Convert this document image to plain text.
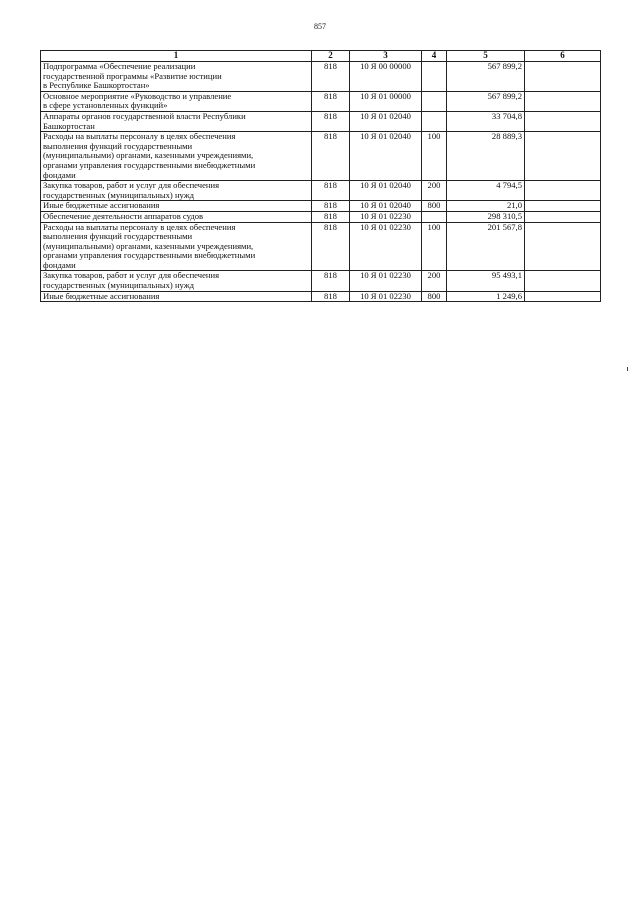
857
1	2	3	4	5	6

Подпрограмма «Обеспечение реализации
государственной программы «Развитие юстиции
в Республике Башкортостан»	818	10 Я 00 00000		567 899,2	

Основное мероприятие «Руководство и управление
в сфере установленных функций»	818	10 Я 01 00000		567 899,2	

Аппараты органов государственной власти Республики
Башкортостан	818	10 Я 01 02040		33 704,8	

Расходы на выплаты персоналу в целях обеспечения
выполнения функций государственными
(муниципальными) органами, казенными учреждениями,
органами управления государственными внебюджетными
фондами	818	10 Я 01 02040	100	28 889,3	

Закупка товаров, работ и услуг для обеспечения
государственных (муниципальных) нужд	818	10 Я 01 02040	200	4 794,5	

Иные бюджетные ассигнования	818	10 Я 01 02040	800	21,0	

Обеспечение деятельности аппаратов судов	818	10 Я 01 02230		298 310,5	

Расходы на выплаты персоналу в целях обеспечения
выполнения функций государственными
(муниципальными) органами, казенными учреждениями,
органами управления государственными внебюджетными
фондами	818	10 Я 01 02230	100	201 567,8	

Закупка товаров, работ и услуг для обеспечения
государственных (муниципальных) нужд	818	10 Я 01 02230	200	95 493,1	

Иные бюджетные ассигнования	818	10 Я 01 02230	800	1 249,6	
